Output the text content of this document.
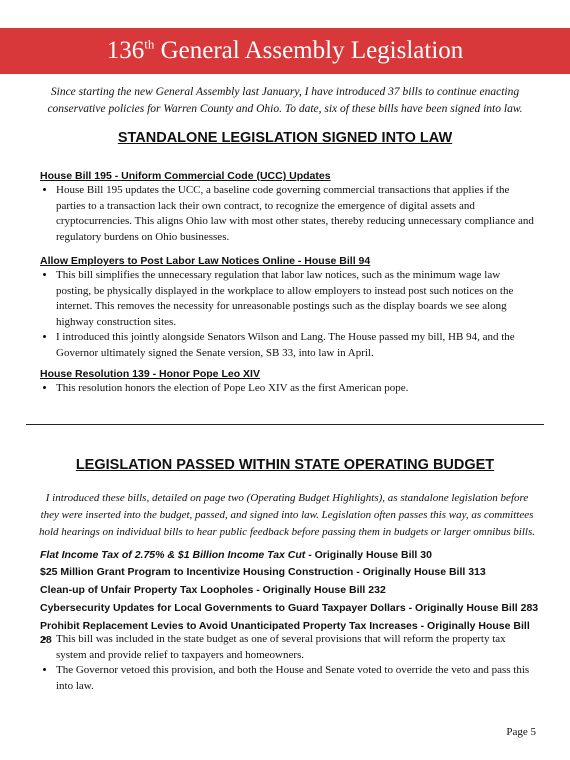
136th General Assembly Legislation
Since starting the new General Assembly last January, I have introduced 37 bills to continue enacting conservative policies for Warren County and Ohio. To date, six of these bills have been signed into law.
STANDALONE LEGISLATION SIGNED INTO LAW

House Bill 195 - Uniform Commercial Code (UCC) Updates

• House Bill 195 updates the UCC, a baseline code governing commercial transactions that applies if the parties to a transaction lack their own contract, to recognize the emergence of digital assets and cryptocurrencies. This aligns Ohio law with most other states, thereby reducing unnecessary compliance and regulatory burdens on Ohio businesses.

Allow Employers to Post Labor Law Notices Online - House Bill 94

• This bill simplifies the unnecessary regulation that labor law notices, such as the minimum wage law posting, be physically displayed in the workplace to allow employers to instead post such notices on the internet. This removes the necessity for unreasonable postings such as the display boards we see along highway construction sites.
• I introduced this jointly alongside Senators Wilson and Lang. The House passed my bill, HB 94, and the Governor ultimately signed the Senate version, SB 33, into law in April.

House Resolution 139 - Honor Pope Leo XIV

• This resolution honors the election of Pope Leo XIV as the first American pope.
LEGISLATION PASSED WITHIN STATE OPERATING BUDGET
I introduced these bills, detailed on page two (Operating Budget Highlights), as standalone legislation before they were inserted into the budget, passed, and signed into law. Legislation often passes this way, as committees hold hearings on individual bills to hear public feedback before passing them in budgets or larger omnibus bills.

Flat Income Tax of 2.75% & $1 Billion Income Tax Cut - Originally House Bill 30

$25 Million Grant Program to Incentivize Housing Construction - Originally House Bill 313

Clean-up of Unfair Property Tax Loopholes - Originally House Bill 232

Cybersecurity Updates for Local Governments to Guard Taxpayer Dollars - Originally House Bill 283

Prohibit Replacement Levies to Avoid Unanticipated Property Tax Increases - Originally House Bill 28

• This bill was included in the state budget as one of several provisions that will reform the property tax system and provide relief to taxpayers and homeowners.
• The Governor vetoed this provision, and both the House and Senate voted to override the veto and pass this into law.
Page 5
